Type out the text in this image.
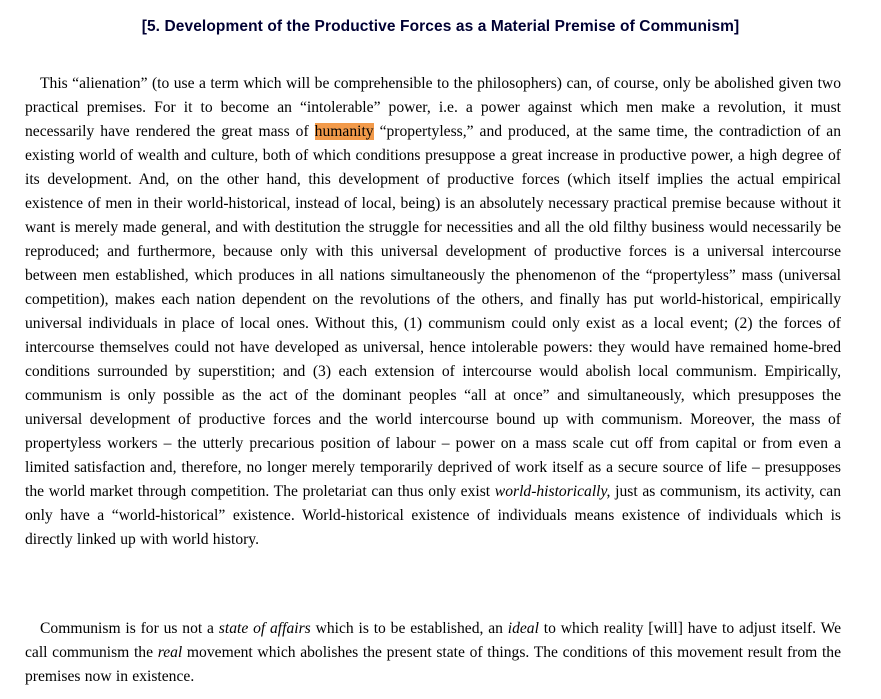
[5. Development of the Productive Forces as a Material Premise of Communism]

This “alienation” (to use a term which will be comprehensible to the philosophers) can, of course, only be abolished given two practical premises. For it to become an “intolerable” power, i.e. a power against which men make a revolution, it must necessarily have rendered the great mass of humanity “propertyless,” and produced, at the same time, the contradiction of an existing world of wealth and culture, both of which conditions presuppose a great increase in productive power, a high degree of its development. And, on the other hand, this development of productive forces (which itself implies the actual empirical existence of men in their world-historical, instead of local, being) is an absolutely necessary practical premise because without it want is merely made general, and with destitution the struggle for necessities and all the old filthy business would necessarily be reproduced; and furthermore, because only with this universal development of productive forces is a universal intercourse between men established, which produces in all nations simultaneously the phenomenon of the “propertyless” mass (universal competition), makes each nation dependent on the revolutions of the others, and finally has put world-historical, empirically universal individuals in place of local ones. Without this, (1) communism could only exist as a local event; (2) the forces of intercourse themselves could not have developed as universal, hence intolerable powers: they would have remained home-bred conditions surrounded by superstition; and (3) each extension of intercourse would abolish local communism. Empirically, communism is only possible as the act of the dominant peoples “all at once” and simultaneously, which presupposes the universal development of productive forces and the world intercourse bound up with communism. Moreover, the mass of propertyless workers – the utterly precarious position of labour – power on a mass scale cut off from capital or from even a limited satisfaction and, therefore, no longer merely temporarily deprived of work itself as a secure source of life – presupposes the world market through competition. The proletariat can thus only exist world-historically, just as communism, its activity, can only have a “world-historical” existence. World-historical existence of individuals means existence of individuals which is directly linked up with world history.

Communism is for us not a state of affairs which is to be established, an ideal to which reality [will] have to adjust itself. We call communism the real movement which abolishes the present state of things. The conditions of this movement result from the premises now in existence.
